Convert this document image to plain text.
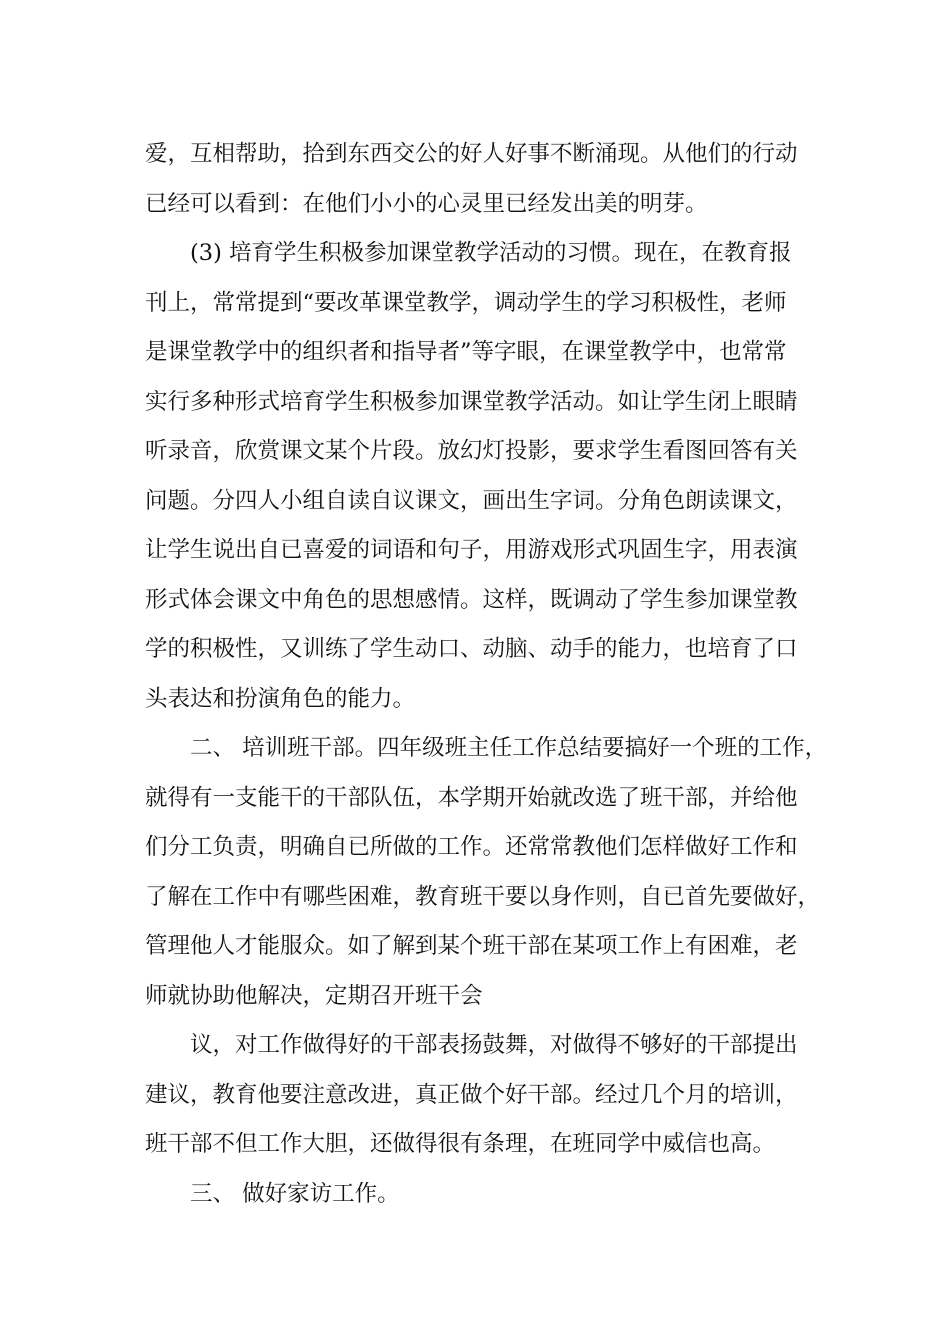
爱，互相帮助，拾到东西交公的好人好事不断涌现。从他们的行动
已经可以看到：在他们小小的心灵里已经发出美的明芽。

(3) 培育学生积极参加课堂教学活动的习惯。现在，在教育报
刊上，常常提到“要改革课堂教学，调动学生的学习积极性，老师
是课堂教学中的组织者和指导者”等字眼，在课堂教学中，也常常
实行多种形式培育学生积极参加课堂教学活动。如让学生闭上眼睛
听录音，欣赏课文某个片段。放幻灯投影，要求学生看图回答有关
问题。分四人小组自读自议课文，画出生字词。分角色朗读课文，
让学生说出自已喜爱的词语和句子，用游戏形式巩固生字，用表演
形式体会课文中角色的思想感情。这样，既调动了学生参加课堂教
学的积极性，又训练了学生动口、动脑、动手的能力，也培育了口
头表达和扮演角色的能力。

二、 培训班干部。四年级班主任工作总结要搞好一个班的工作，
就得有一支能干的干部队伍，本学期开始就改选了班干部，并给他
们分工负责，明确自已所做的工作。还常常教他们怎样做好工作和
了解在工作中有哪些困难，教育班干要以身作则，自已首先要做好，
管理他人才能服众。如了解到某个班干部在某项工作上有困难，老
师就协助他解决，定期召开班干会

议，对工作做得好的干部表扬鼓舞，对做得不够好的干部提出
建议，教育他要注意改进，真正做个好干部。经过几个月的培训，
班干部不但工作大胆，还做得很有条理，在班同学中威信也高。

三、 做好家访工作。
